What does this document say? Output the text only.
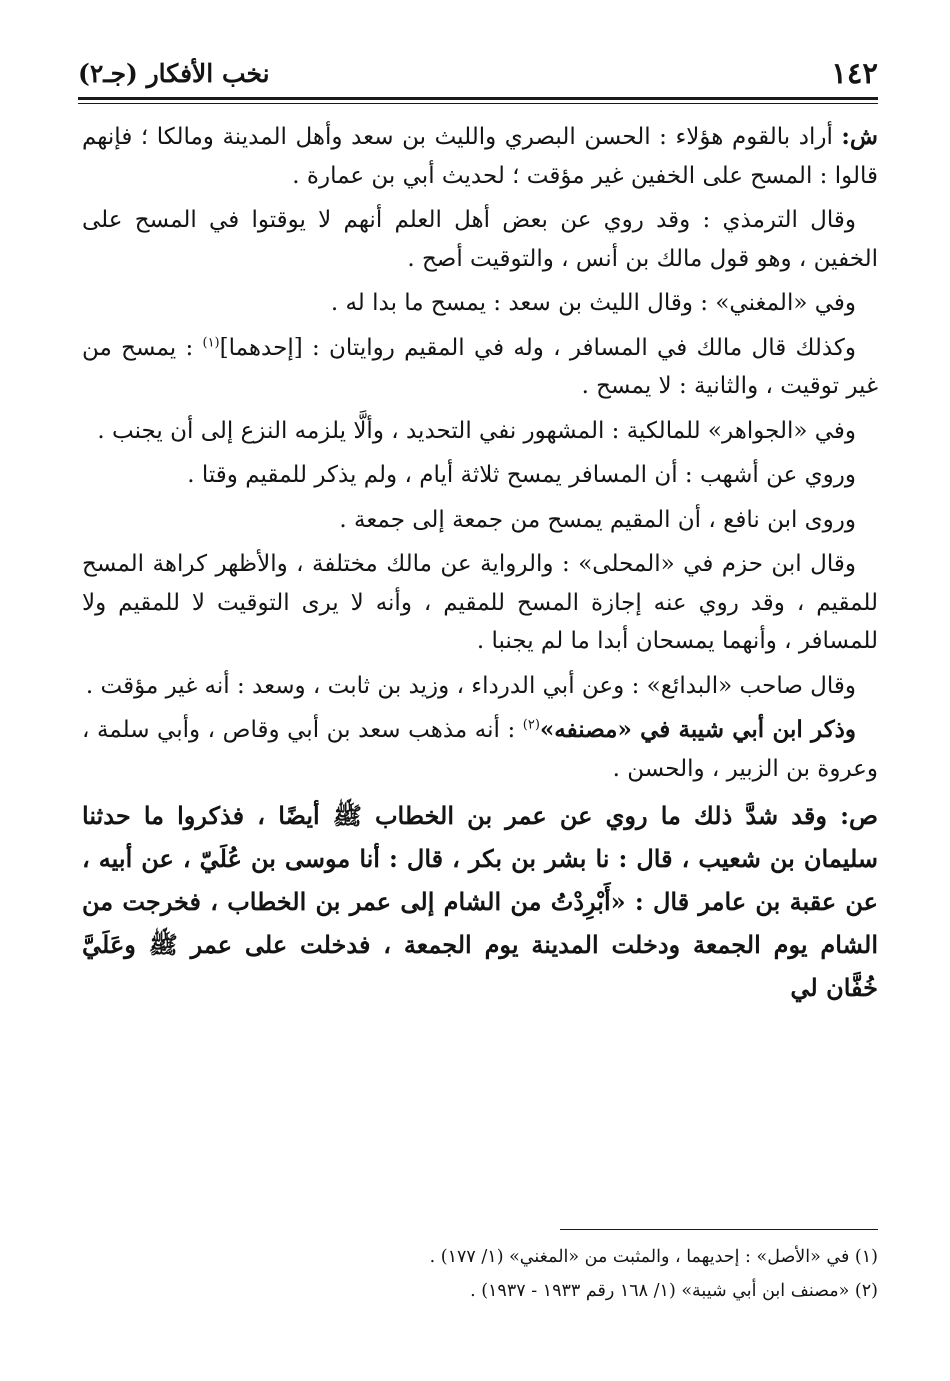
١٤٢
نخب الأفكار (جـ٢)

ش: أراد بالقوم هؤلاء : الحسن البصري والليث بن سعد وأهل المدينة ومالكا ؛ فإنهم قالوا : المسح على الخفين غير مؤقت ؛ لحديث أبي بن عمارة .

وقال الترمذي : وقد روي عن بعض أهل العلم أنهم لا يوقتوا في المسح على الخفين ، وهو قول مالك بن أنس ، والتوقيت أصح .

وفي «المغني» : وقال الليث بن سعد : يمسح ما بدا له .

وكذلك قال مالك في المسافر ، وله في المقيم روايتان : [إحدهما]$^{(١)}$ : يمسح من غير توقيت ، والثانية : لا يمسح .

وفي «الجواهر» للمالكية : المشهور نفي التحديد ، وألَّا يلزمه النزع إلى أن يجنب .

وروي عن أشهب : أن المسافر يمسح ثلاثة أيام ، ولم يذكر للمقيم وقتا .

وروى ابن نافع ، أن المقيم يمسح من جمعة إلى جمعة .

وقال ابن حزم في «المحلى» : والرواية عن مالك مختلفة ، والأظهر كراهة المسح للمقيم ، وقد روي عنه إجازة المسح للمقيم ، وأنه لا يرى التوقيت لا للمقيم ولا للمسافر ، وأنهما يمسحان أبدا ما لم يجنبا .

وقال صاحب «البدائع» : وعن أبي الدرداء ، وزيد بن ثابت ، وسعد : أنه غير مؤقت .

وذكر ابن أبي شيبة في «مصنفه»$^{(٢)}$ : أنه مذهب سعد بن أبي وقاص ، وأبي سلمة ، وعروة بن الزبير ، والحسن .

ص: وقد شدَّ ذلك ما روي عن عمر بن الخطاب ﷺ أيضًا ، فذكروا ما حدثنا سليمان بن شعيب ، قال : نا بشر بن بكر ، قال : أنا موسى بن عُلَيّ ، عن أبيه ، عن عقبة بن عامر قال : «أَبْرِدْتُ من الشام إلى عمر بن الخطاب ، فخرجت من الشام يوم الجمعة ودخلت المدينة يوم الجمعة ، فدخلت على عمر ﷺ وعَلَيَّ خُفَّان لي

(١) في «الأصل» : إحديهما ، والمثبت من «المغني» (١/ ١٧٧) .
(٢) «مصنف ابن أبي شيبة» (١/ ١٦٨ رقم ١٩٣٣ - ١٩٣٧) .
